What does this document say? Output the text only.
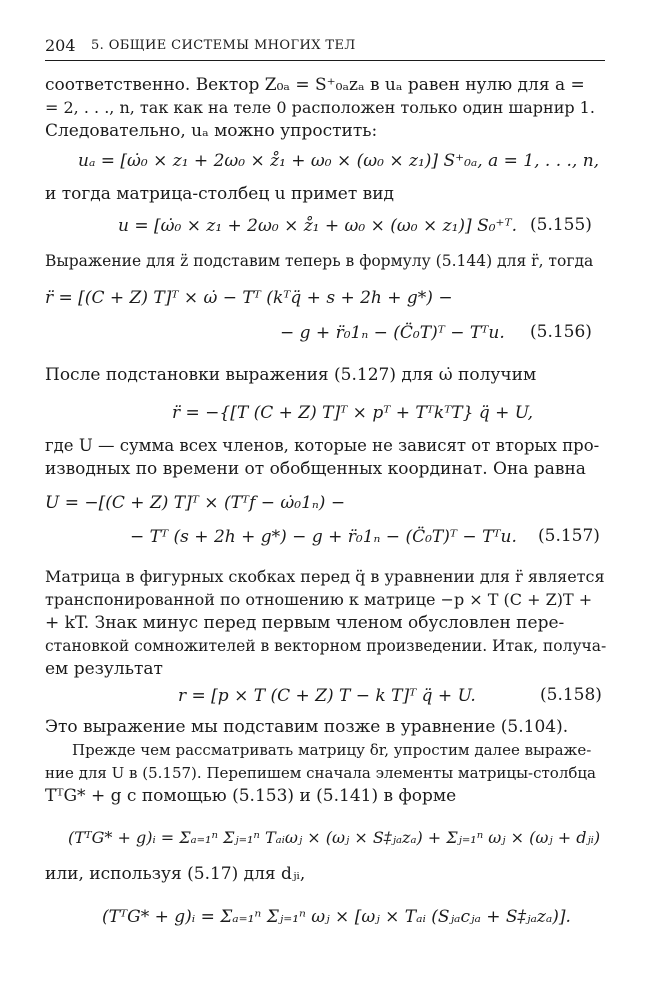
204 5. ОБЩИЕ СИСТЕМЫ МНОГИХ ТЕЛ
соответственно. Вектор Z₀ₐ = S⁺₀ₐzₐ в uₐ равен нулю для a =
= 2, . . ., n, так как на теле 0 расположен только один шарнир 1.
Следовательно, uₐ можно упростить:
uₐ = [ω̇₀ × z₁ + 2ω₀ × z̊₁ + ω₀ × (ω₀ × z₁)] S⁺₀ₐ, a = 1, . . ., n,
и тогда матрица-столбец u примет вид
u = [ω̇₀ × z₁ + 2ω₀ × z̊₁ + ω₀ × (ω₀ × z₁)] S₀⁺ᵀ. (5.155)
Выражение для z̈ подставим теперь в формулу (5.144) для r̈, тогда
r̈ = [(C + Z) T]ᵀ × ω̇ − Tᵀ (kᵀq̈ + s + 2h + g*) −
− g + r̈₀1ₙ − (C̈₀T)ᵀ − Tᵀu. (5.156)
После подстановки выражения (5.127) для ω̇ получим
r̈ = −{[T (C + Z) T]ᵀ × pᵀ + TᵀkᵀT} q̈ + U,
где U — сумма всех членов, которые не зависят от вторых про-
изводных по времени от обобщенных координат. Она равна
U = −[(C + Z) T]ᵀ × (Tᵀf − ω̇₀1ₙ) −
− Tᵀ (s + 2h + g*) − g + r̈₀1ₙ − (C̈₀T)ᵀ − Tᵀu. (5.157)
Матрица в фигурных скобках перед q̈ в уравнении для r̈ является
транспонированной по отношению к матрице −p × T (C + Z)T +
+ kT. Знак минус перед первым членом обусловлен пере-
становкой сомножителей в векторном произведении. Итак, получа-
ем результат
r = [p × T (C + Z) T − k T]ᵀ q̈ + U.	(5.158)
Это выражение мы подставим позже в уравнение (5.104).
Прежде чем рассматривать матрицу δr, упростим далее выраже-
ние для U в (5.157). Перепишем сначала элементы матрицы-столбца
TᵀG* + g с помощью (5.153) и (5.141) в форме
(TᵀG* + g)ᵢ = Σₐ₌₁ⁿ Σⱼ₌₁ⁿ Tₐᵢωⱼ × (ωⱼ × S‡ⱼₐzₐ) + Σⱼ₌₁ⁿ ωⱼ × (ωⱼ + dⱼᵢ)
или, используя (5.17) для dⱼᵢ,
(TᵀG* + g)ᵢ = Σₐ₌₁ⁿ Σⱼ₌₁ⁿ ωⱼ × [ωⱼ × Tₐᵢ (Sⱼₐcⱼₐ + S‡ⱼₐzₐ)].
